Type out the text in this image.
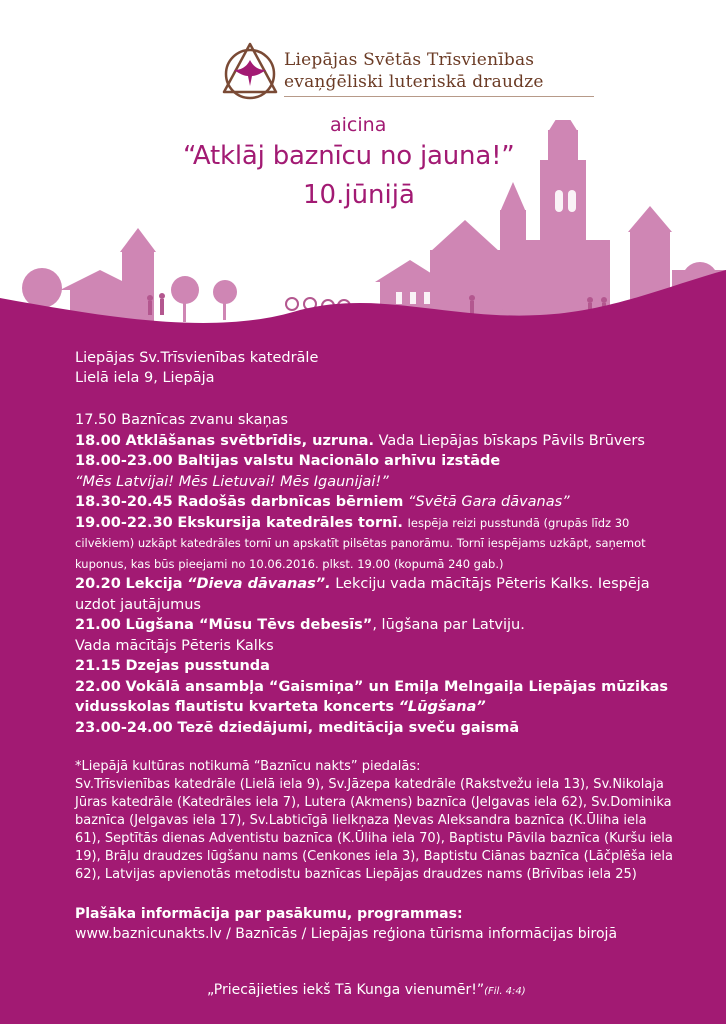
Liepājas Svētās Trīsvienības
evaņģēliski luteriskā draudze
aicina
“Atklāj baznīcu no jauna!”
10.jūnijā
Liepājas Sv.Trīsvienības katedrāle
Lielā iela 9, Liepāja

17.50 Baznīcas zvanu skaņas

18.00 Atklāšanas svētbrīdis, uzruna. Vada Liepājas bīskaps Pāvils Brūvers

18.00-23.00 Baltijas valstu Nacionālo arhīvu izstāde
“Mēs Latvijai! Mēs Lietuvai! Mēs Igaunijai!”

18.30-20.45 Radošās darbnīcas bērniem “Svētā Gara dāvanas”

19.00-22.30 Ekskursija katedrāles tornī. Iespēja reizi pusstundā (grupās līdz 30 cilvēkiem) uzkāpt katedrāles tornī un apskatīt pilsētas panorāmu. Tornī iespējams uzkāpt, saņemot kuponus, kas būs pieejami no 10.06.2016. plkst. 19.00 (kopumā 240 gab.)

20.20 Lekcija “Dieva dāvanas”. Lekciju vada mācītājs Pēteris Kalks. Iespēja uzdot jautājumus

21.00 Lūgšana “Mūsu Tēvs debesīs”, lūgšana par Latviju.
Vada mācītājs Pēteris Kalks

21.15 Dzejas pusstunda

22.00 Vokālā ansambļa “Gaismiņa” un Emiļa Melngaiļa Liepājas mūzikas vidusskolas flautistu kvarteta koncerts “Lūgšana”

23.00-24.00 Tezē dziedājumi, meditācija sveču gaismā

*Liepājā kultūras notikumā “Baznīcu nakts” piedalās:
Sv.Trīsvienības katedrāle (Lielā iela 9), Sv.Jāzepa katedrāle (Rakstvežu iela 13), Sv.Nikolaja Jūras katedrāle (Katedrāles iela 7), Lutera (Akmens) baznīca (Jelgavas iela 62), Sv.Dominika baznīca (Jelgavas iela 17), Sv.Labticīgā lielkņaza Ņevas Aleksandra baznīca (K.Ūliha iela 61), Septītās dienas Adventistu baznīca (K.Ūliha iela 70), Baptistu Pāvila baznīca (Kuršu iela 19), Brāļu draudzes lūgšanu nams (Cenkones iela 3), Baptistu Ciānas baznīca (Lāčplēša iela 62), Latvijas apvienotās metodistu baznīcas Liepājas draudzes nams (Brīvības iela 25)
Plašāka informācija par pasākumu, programmas:
www.baznicunakts.lv / Baznīcās / Liepājas reģiona tūrisma informācijas birojā
„Priecājieties iekš Tā Kunga vienumēr!”(Fil. 4:4)
